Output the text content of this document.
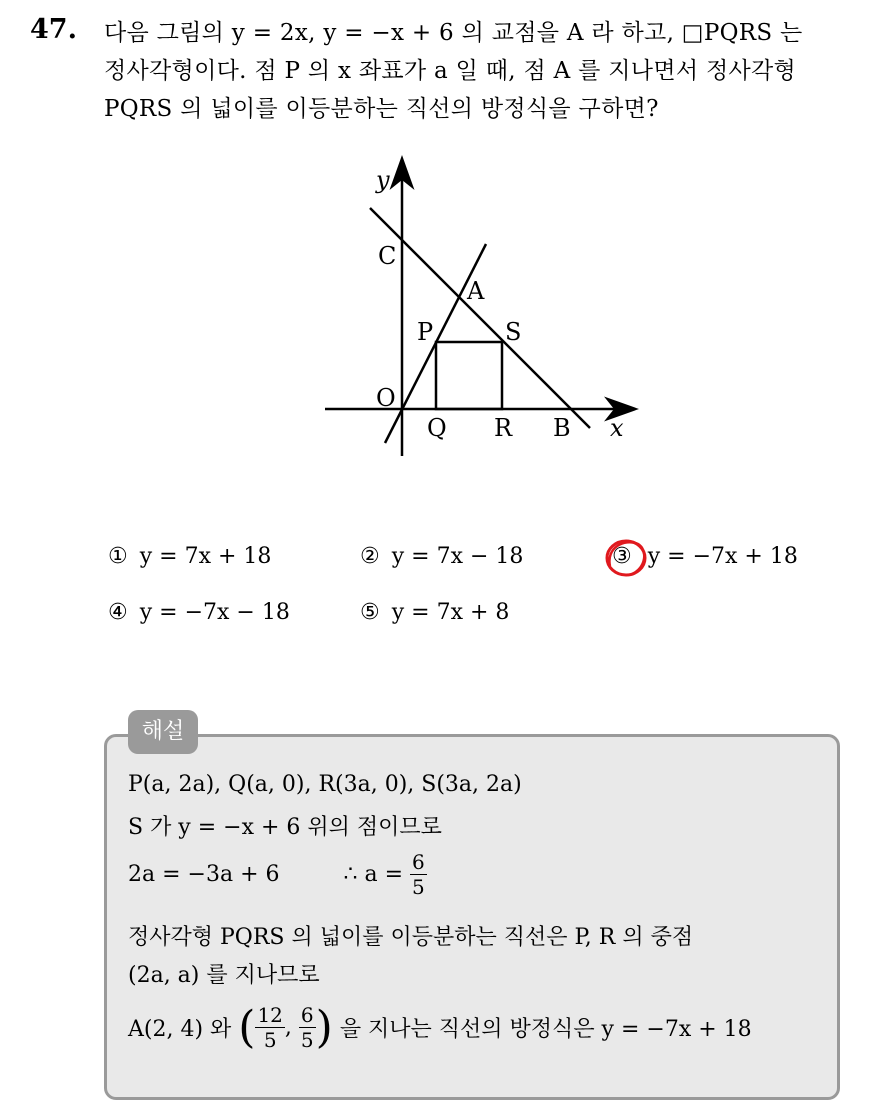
47. 다음 그림의 y = 2x, y = −x + 6 의 교점을 A 라 하고, □PQRS 는
정사각형이다. 점 P 의 x 좌표가 a 일 때, 점 A 를 지나면서 정사각형
PQRS 의 넓이를 이등분하는 직선의 방정식을 구하면?
y
x
C
A
P	S
O
Q R B
① y = 7x + 18	② y = 7x − 18	③ y = −7x + 18
④ y = −7x − 18	⑤ y = 7x + 8
해설
P(a, 2a), Q(a, 0), R(3a, 0), S(3a, 2a)
S 가 y = −x + 6 위의 점이므로
2a = −3a + 6	∴ $a = \frac{6}{5}$
정사각형 PQRS 의 넓이를 이등분하는 직선은 P, R 의 중점
(2a, a) 를 지나므로
A(2, 4) 와 ( $\frac{12}{5}$ , $\frac{6}{5}$ ) 을 지나는 직선의 방정식은 y = −7x + 18
